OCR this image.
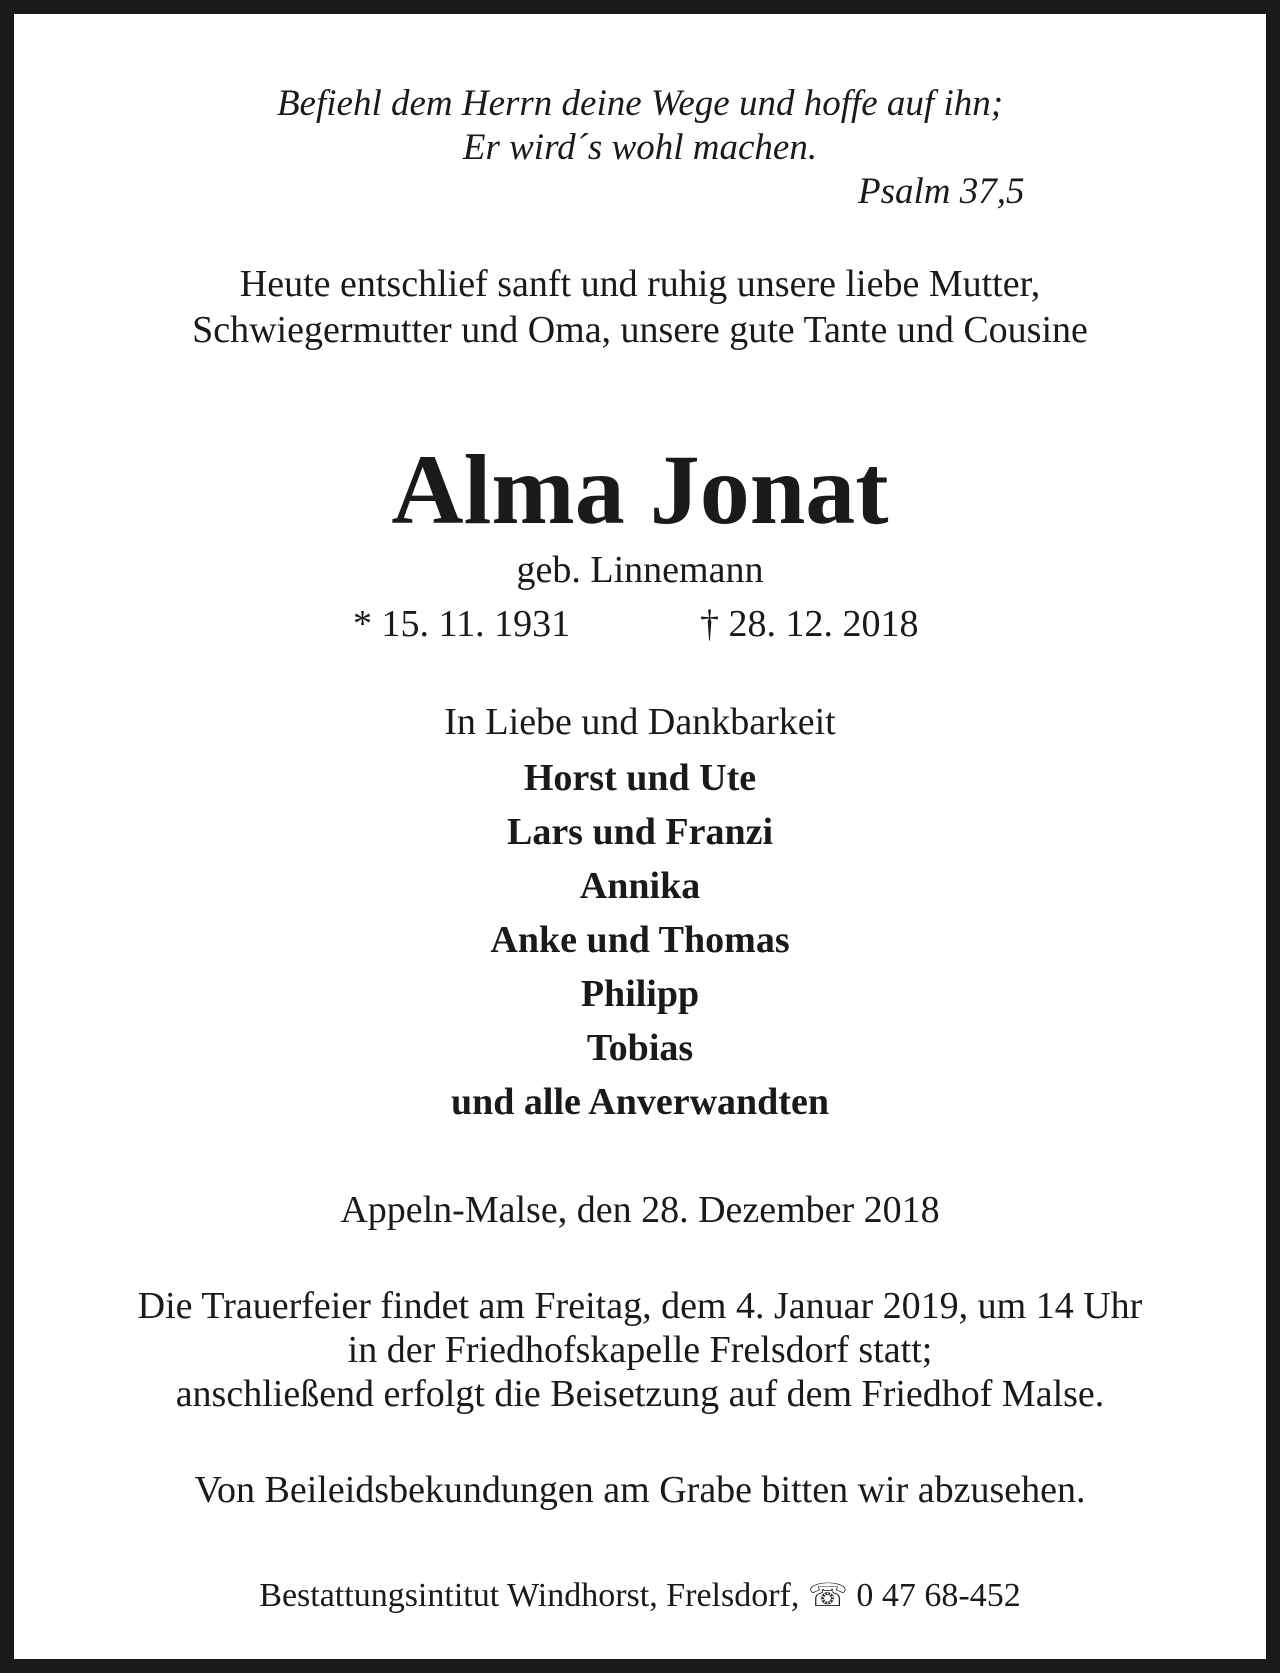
Befiehl dem Herrn deine Wege und hoffe auf ihn;
Er wird´s wohl machen.
Psalm 37,5
Heute entschlief sanft und ruhig unsere liebe Mutter,
Schwiegermutter und Oma, unsere gute Tante und Cousine
Alma Jonat
geb. Linnemann
* 15. 11. 1931	† 28. 12. 2018
In Liebe und Dankbarkeit
Horst und Ute
Lars und Franzi
Annika
Anke und Thomas
Philipp
Tobias
und alle Anverwandten
Appeln-Malse, den 28. Dezember 2018
Die Trauerfeier findet am Freitag, dem 4. Januar 2019, um 14 Uhr
in der Friedhofskapelle Frelsdorf statt;
anschließend erfolgt die Beisetzung auf dem Friedhof Malse.
Von Beileidsbekundungen am Grabe bitten wir abzusehen.
Bestattungsintitut Windhorst, Frelsdorf, ☏ 0 47 68-452
